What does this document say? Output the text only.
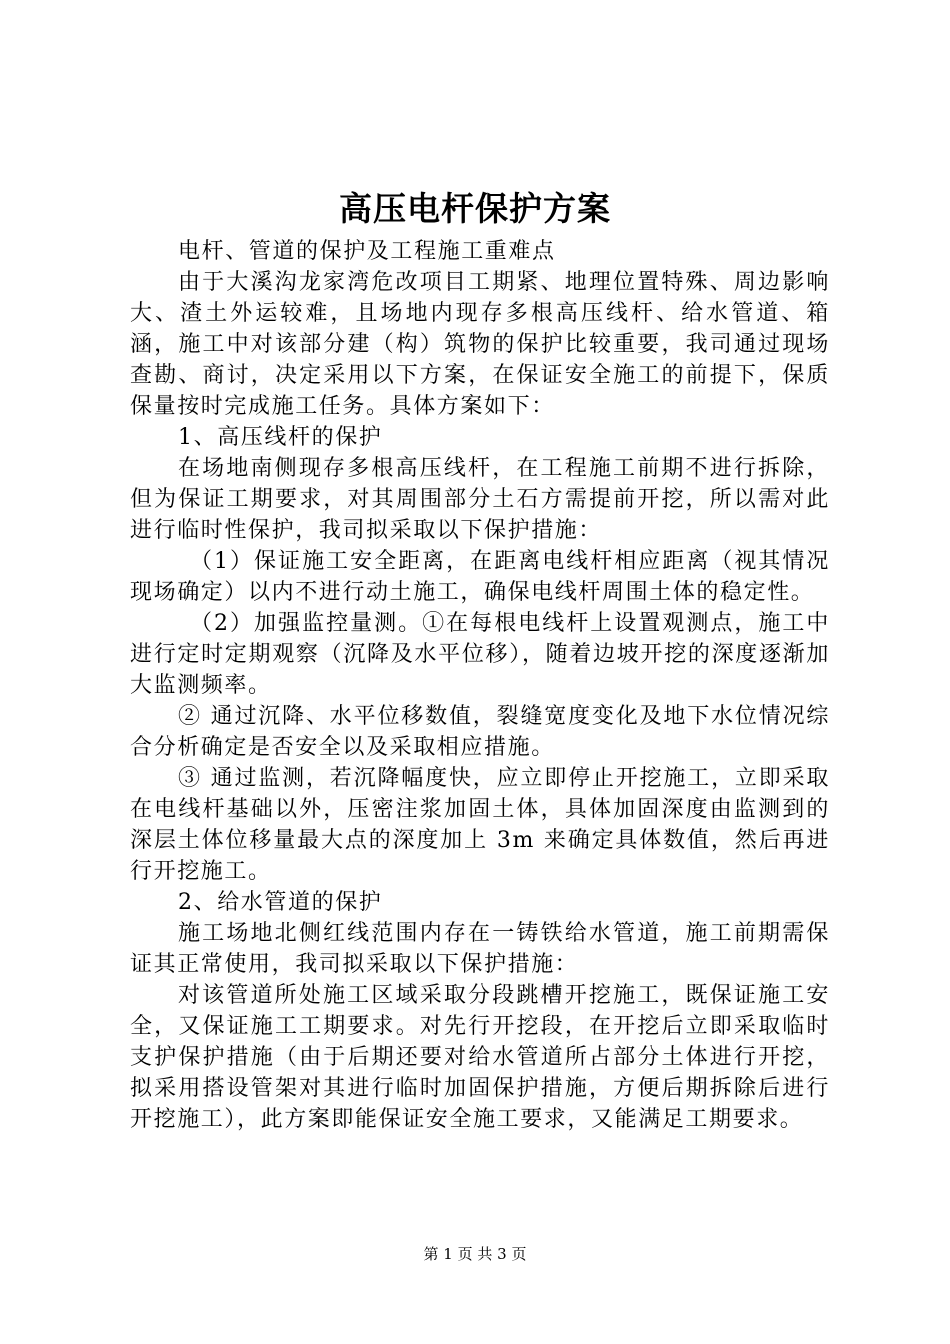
高压电杆保护方案

电杆、管道的保护及工程施工重难点

由于大溪沟龙家湾危改项目工期紧、地理位置特殊、周边影响大、渣土外运较难，且场地内现存多根高压线杆、给水管道、箱涵，施工中对该部分建（构）筑物的保护比较重要，我司通过现场查勘、商讨，决定采用以下方案，在保证安全施工的前提下，保质保量按时完成施工任务。具体方案如下：

1、高压线杆的保护

在场地南侧现存多根高压线杆，在工程施工前期不进行拆除，但为保证工期要求，对其周围部分土石方需提前开挖，所以需对此进行临时性保护，我司拟采取以下保护措施：

（1）保证施工安全距离，在距离电线杆相应距离（视其情况现场确定）以内不进行动土施工，确保电线杆周围土体的稳定性。

（2）加强监控量测。①在每根电线杆上设置观测点，施工中进行定时定期观察（沉降及水平位移），随着边坡开挖的深度逐渐加大监测频率。

② 通过沉降、水平位移数值，裂缝宽度变化及地下水位情况综合分析确定是否安全以及采取相应措施。

③ 通过监测，若沉降幅度快，应立即停止开挖施工，立即采取在电线杆基础以外，压密注浆加固土体，具体加固深度由监测到的深层土体位移量最大点的深度加上 3m 来确定具体数值，然后再进行开挖施工。

2、给水管道的保护

施工场地北侧红线范围内存在一铸铁给水管道，施工前期需保证其正常使用，我司拟采取以下保护措施：

对该管道所处施工区域采取分段跳槽开挖施工，既保证施工安全，又保证施工工期要求。对先行开挖段，在开挖后立即采取临时支护保护措施（由于后期还要对给水管道所占部分土体进行开挖，拟采用搭设管架对其进行临时加固保护措施，方便后期拆除后进行开挖施工），此方案即能保证安全施工要求，又能满足工期要求。

第 1 页 共 3 页
